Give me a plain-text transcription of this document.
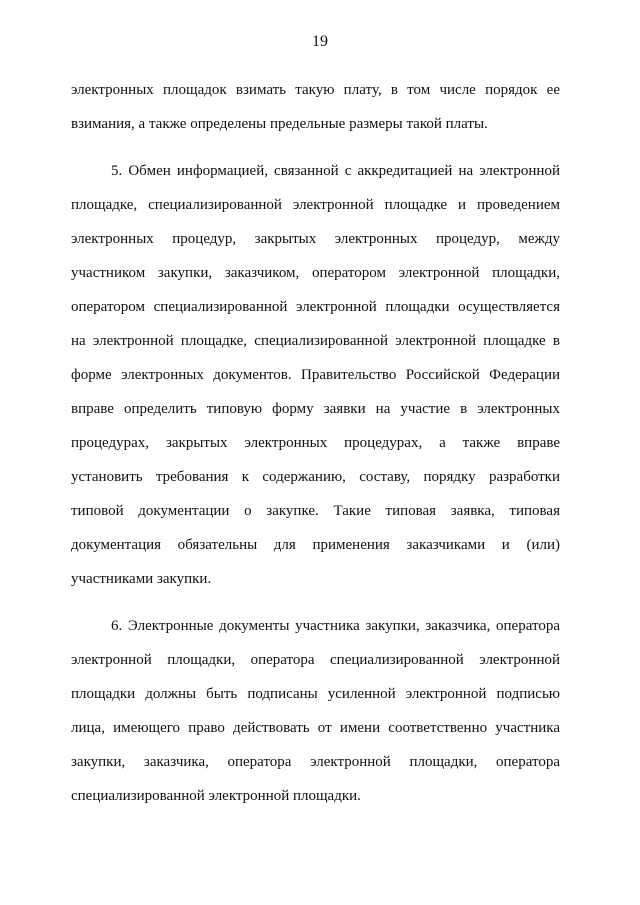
19
электронных площадок взимать такую плату, в том числе порядок ее
взимания, а также определены предельные размеры такой платы.
5. Обмен информацией, связанной с аккредитацией на электронной
площадке, специализированной электронной площадке и проведением
электронных процедур, закрытых электронных процедур, между
участником закупки, заказчиком, оператором электронной площадки,
оператором специализированной электронной площадки осуществляется
на электронной площадке, специализированной электронной площадке в
форме электронных документов. Правительство Российской Федерации
вправе определить типовую форму заявки на участие в электронных
процедурах, закрытых электронных процедурах, а также вправе
установить требования к содержанию, составу, порядку разработки
типовой документации о закупке. Такие типовая заявка, типовая
документация обязательны для применения заказчиками и (или)
участниками закупки.
6. Электронные документы участника закупки, заказчика, оператора
электронной площадки, оператора специализированной электронной
площадки должны быть подписаны усиленной электронной подписью
лица, имеющего право действовать от имени соответственно участника
закупки, заказчика, оператора электронной площадки, оператора
специализированной электронной площадки.
